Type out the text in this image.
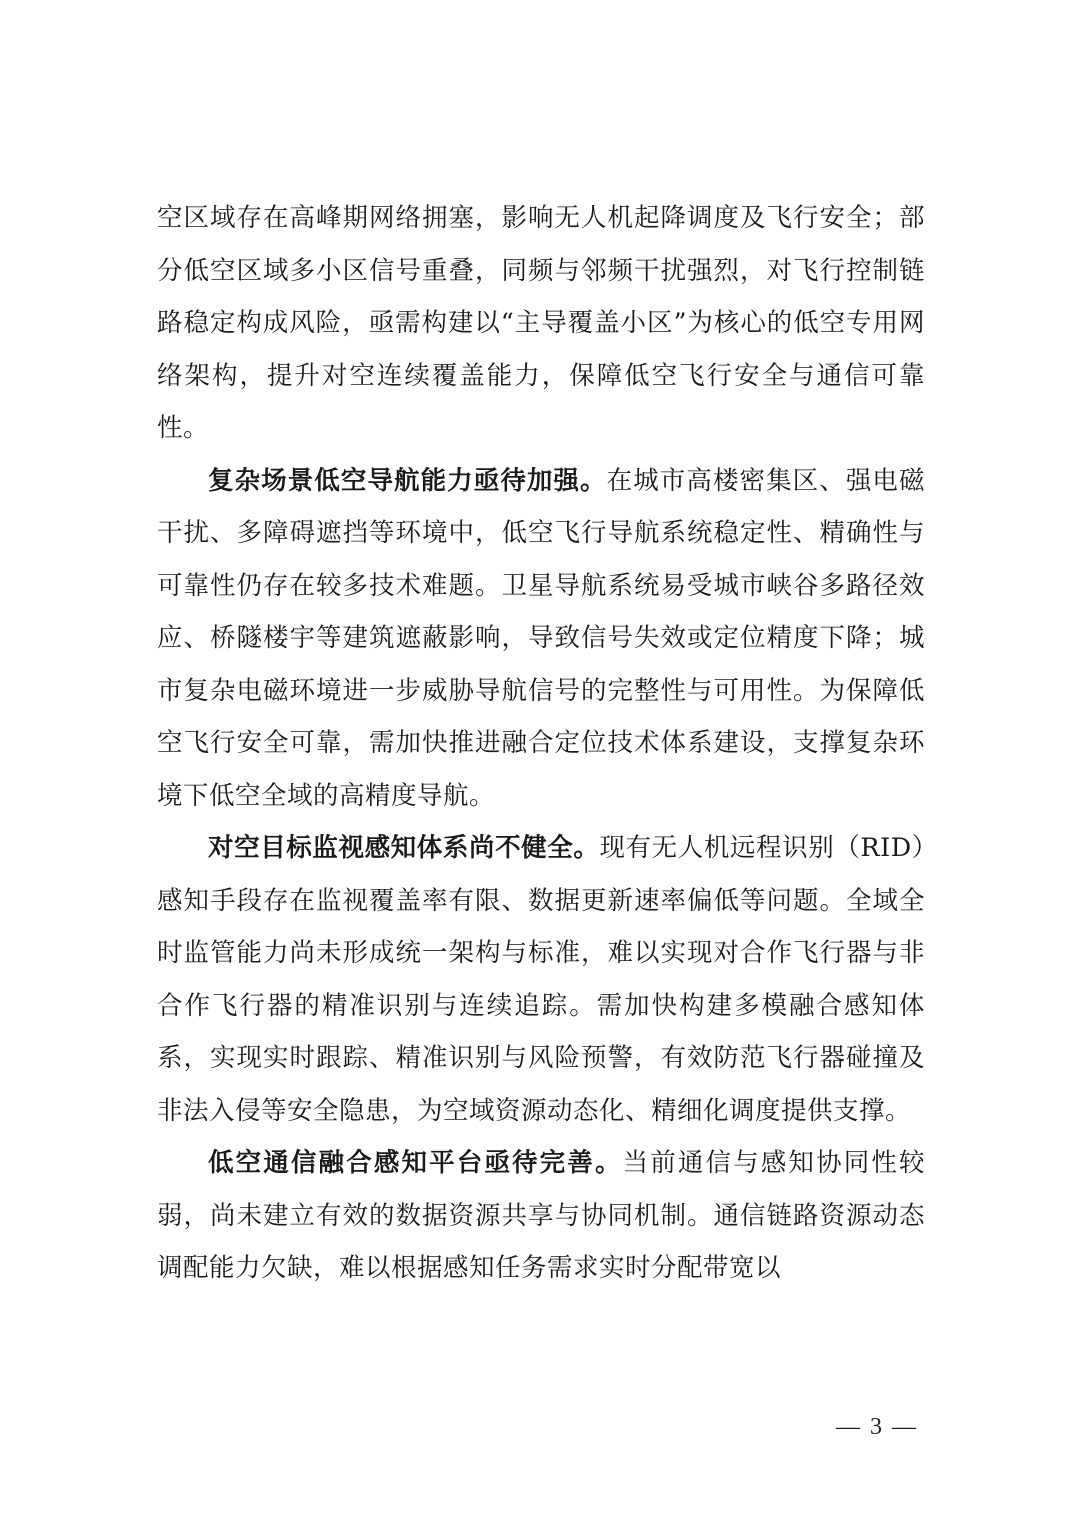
空区域存在高峰期网络拥塞，影响无人机起降调度及飞行安全；部分低空区域多小区信号重叠，同频与邻频干扰强烈，对飞行控制链路稳定构成风险，亟需构建以“主导覆盖小区”为核心的低空专用网络架构，提升对空连续覆盖能力，保障低空飞行安全与通信可靠性。

复杂场景低空导航能力亟待加强。在城市高楼密集区、强电磁干扰、多障碍遮挡等环境中，低空飞行导航系统稳定性、精确性与可靠性仍存在较多技术难题。卫星导航系统易受城市峡谷多路径效应、桥隧楼宇等建筑遮蔽影响，导致信号失效或定位精度下降；城市复杂电磁环境进一步威胁导航信号的完整性与可用性。为保障低空飞行安全可靠，需加快推进融合定位技术体系建设，支撑复杂环境下低空全域的高精度导航。

对空目标监视感知体系尚不健全。现有无人机远程识别（RID）感知手段存在监视覆盖率有限、数据更新速率偏低等问题。全域全时监管能力尚未形成统一架构与标准，难以实现对合作飞行器与非合作飞行器的精准识别与连续追踪。需加快构建多模融合感知体系，实现实时跟踪、精准识别与风险预警，有效防范飞行器碰撞及非法入侵等安全隐患，为空域资源动态化、精细化调度提供支撑。

低空通信融合感知平台亟待完善。当前通信与感知协同性较弱，尚未建立有效的数据资源共享与协同机制。通信链路资源动态调配能力欠缺，难以根据感知任务需求实时分配带宽以

— 3 —
